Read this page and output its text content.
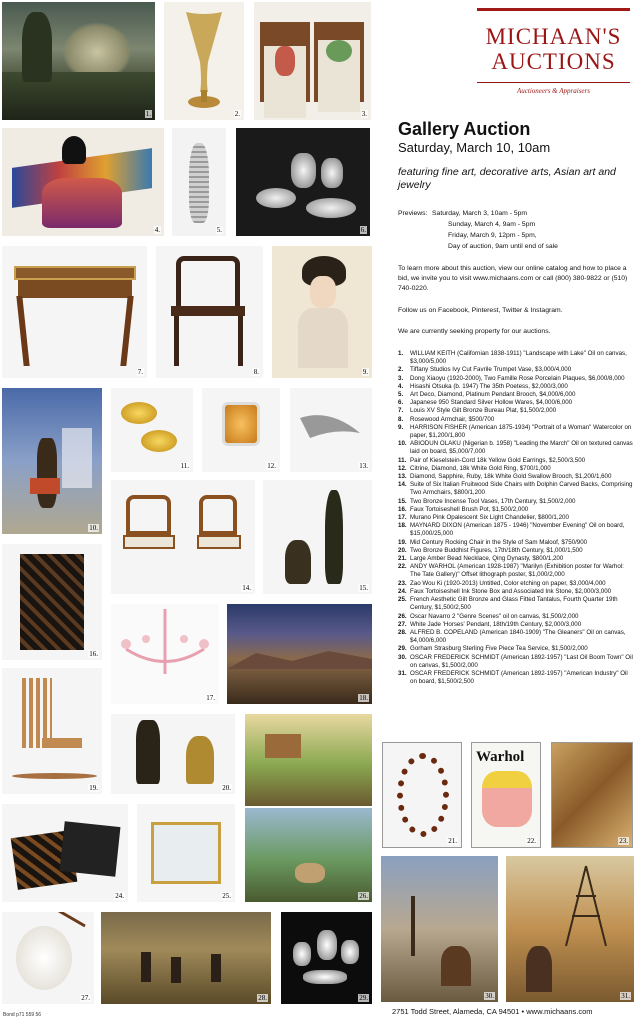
1.	2.	3.
4.	5.	6.
7.	8.	9.
10.
11.	12.	13.
14.	15.
16.
17.	18.
19.	20.
24.	25.	26.
27.	28.	29.
21.
Warhol
22.	23.
30.	31.
MICHAAN'S
AUCTIONS
Auctioneers & Appraisers
Gallery Auction
Saturday, March 10, 10am
featuring fine art, decorative arts, Asian art and jewelry
Previews: Saturday, March 3, 10am - 5pm
Sunday, March 4, 9am - 5pm
Friday, March 9, 12pm - 5pm,
Day of auction, 9am until end of sale
To learn more about this auction, view our online catalog and how to place a bid, we invite you to visit www.michaans.com or call (800) 380-9822 or (510) 740-0220.
Follow us on Facebook, Pinterest, Twitter & Instagram.
We are currently seeking property for our auctions.
1.	WILLIAM KEITH (Californian 1838-1911) "Landscape with Lake" Oil on canvas, $3,000/5,000
2.	Tiffany Studios Ivy Cut Favrile Trumpet Vase, $3,000/4,000
3.	Dong Xiaoyu (1920-2000), Two Famille Rose Porcelain Plaques, $6,000/8,000
4.	Hisashi Otsuka (b. 1947) The 35th Poetess, $2,000/3,000
5.	Art Deco, Diamond, Platinum Pendant Brooch, $4,000/6,000
6.	Japanese 950 Standard Silver Hollow Wares, $4,000/6,000
7.	Louis XV Style Gilt Bronze Bureau Plat, $1,500/2,000
8.	Rosewood Armchair, $500/700
9.	HARRISON FISHER (American 1875-1934) "Portrait of a Woman" Watercolor on paper, $1,200/1,800
10. ABIODUN OLAKU (Nigerian b. 1958) "Leading the March" Oil on textured canvas laid on board, $5,000/7,000
11. Pair of Kieselstein-Cord 18k Yellow Gold Earrings, $2,500/3,500
12. Citrine, Diamond, 18k White Gold Ring, $700/1,000
13. Diamond, Sapphire, Ruby, 18k White Gold Swallow Brooch, $1,200/1,600
14. Suite of Six Italian Fruitwood Side Chairs with Dolphin Carved Backs, Comprising Two Armchairs, $800/1,200
15. Two Bronze Incense Tool Vases, 17th Century, $1,500/2,000
16. Faux Tortoiseshell Brush Pot, $1,500/2,000
17. Murano Pink Opalescent Six Light Chandelier, $800/1,200
18. MAYNARD DIXON (American 1875 - 1946) "November Evening" Oil on board, $15,000/25,000
19. Mid Century Rocking Chair in the Style of Sam Maloof, $750/900
20. Two Bronze Buddhist Figures, 17th/18th Century, $1,000/1,500
21. Large Amber Bead Necklace, Qing Dynasty, $800/1,200
22. ANDY WARHOL (American 1928-1987) "Marilyn (Exhibition poster for Warhol: The Tate Gallery)" Offset lithograph poster, $1,000/2,000
23. Zao Wou Ki (1920-2013) Untitled, Color etching on paper, $3,000/4,000
24. Faux Tortoiseshell Ink Stone Box and Associated Ink Stone, $2,000/3,000
25. French Aesthetic Gilt Bronze and Glass Fitted Tantalus, Fourth Quarter 19th Century, $1,500/2,500
26. Oscar Navarro 2 "Genre Scenes" oil on canvas, $1,500/2,000
27. White Jade 'Horses' Pendant, 18th/19th Century, $2,000/3,000
28. ALFRED B. COPELAND (American 1840-1909) "The Gleaners" Oil on canvas, $4,000/6,000
29. Gorham Strasburg Sterling Five Piece Tea Service, $1,500/2,000
30. OSCAR FREDERICK SCHMIDT (American 1892-1957) "Last Oil Boom Town" Oil on canvas, $1,500/2,000
31. OSCAR FREDERICK SCHMIDT (American 1892-1957) "American Industry" Oil on board, $1,500/2,500
2751 Todd Street, Alameda, CA 94501 • www.michaans.com
Bond p71 559 56
